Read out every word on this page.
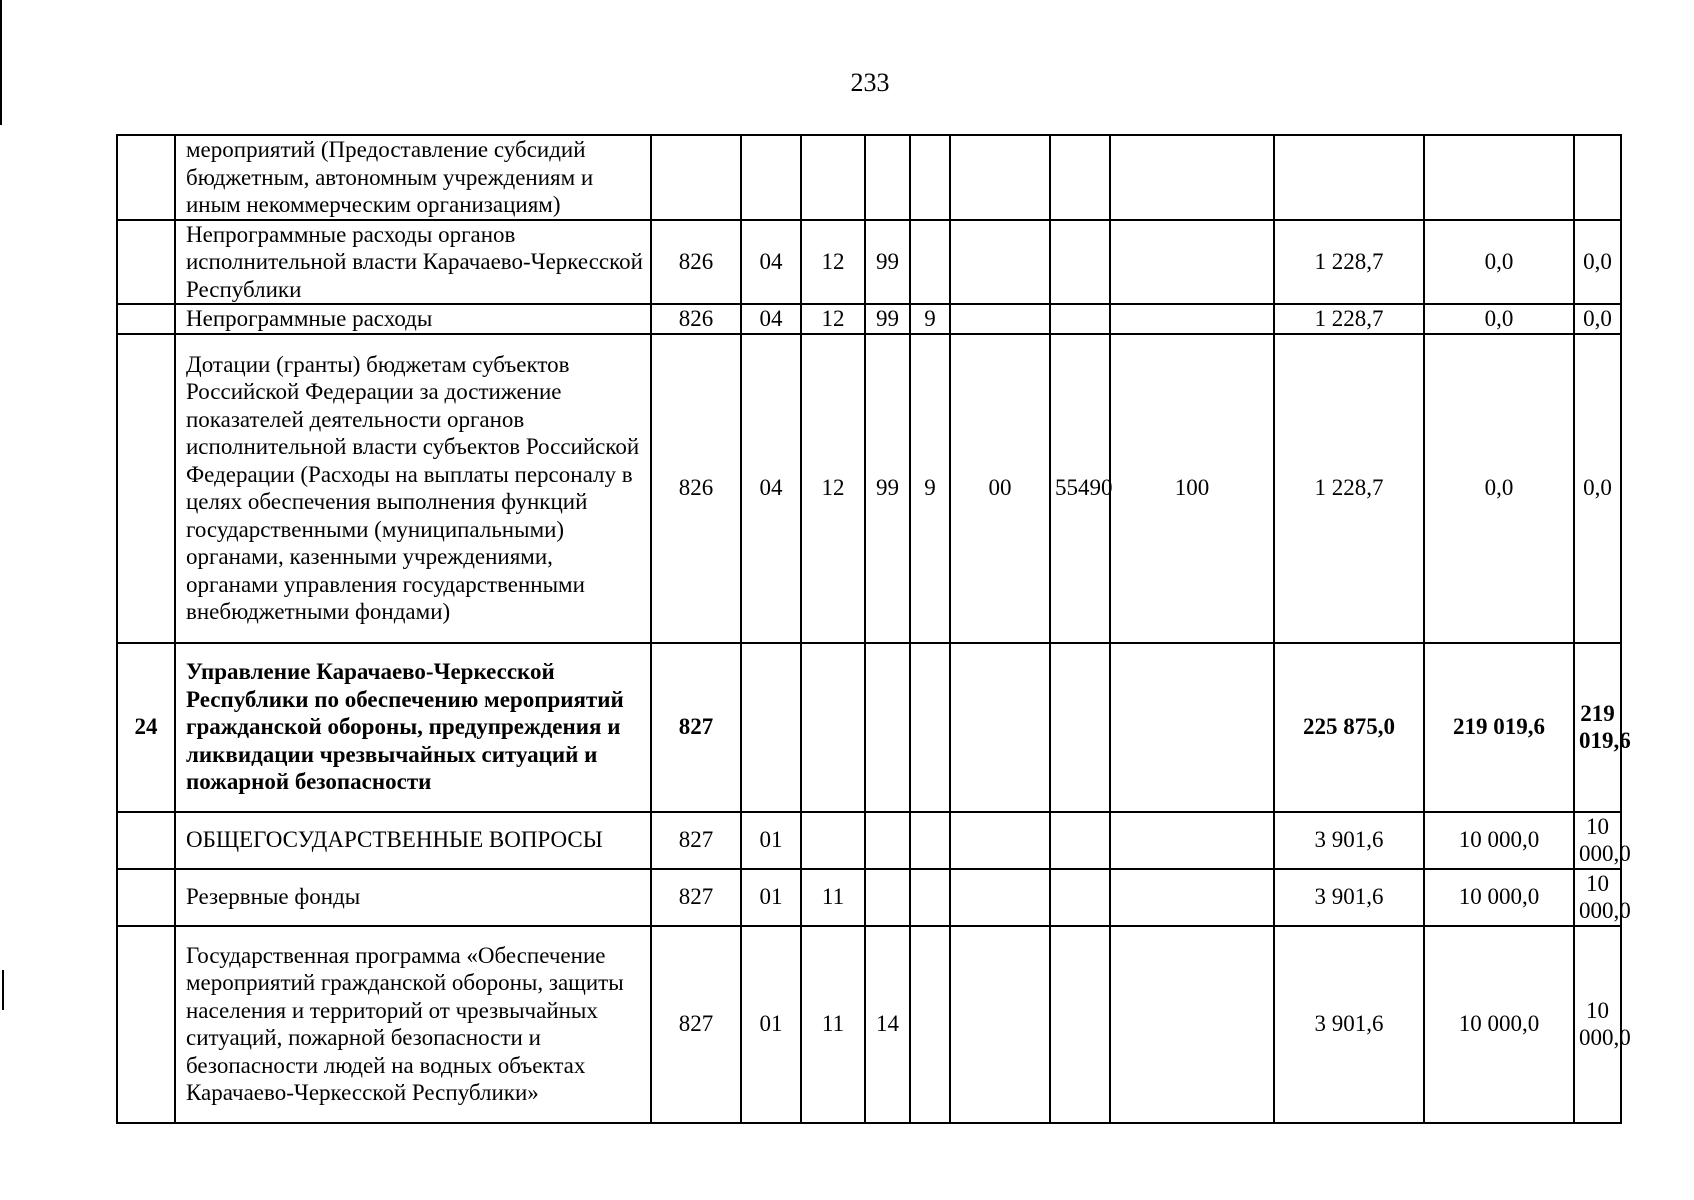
233
	мероприятий (Предоставление субсидий бюджетным, автономным учреждениям и иным некоммерческим организациям)											
	Непрограммные расходы органов исполнительной власти Карачаево-Черкесской Республики	826	04	12	99					1 228,7	0,0	0,0
	Непрограммные расходы	826	04	12	99	9				1 228,7	0,0	0,0
	Дотации (гранты) бюджетам субъектов Российской Федерации за достижение показателей деятельности органов исполнительной власти субъектов Российской Федерации (Расходы на выплаты персоналу в целях обеспечения выполнения функций государственными (муниципальными) органами, казенными учреждениями, органами управления государственными внебюджетными фондами)	826	04	12	99	9	00	55490	100	1 228,7	0,0	0,0
24	Управление Карачаево-Черкесской Республики по обеспечению мероприятий гражданской обороны, предупреждения и ликвидации чрезвычайных ситуаций и пожарной безопасности	827								225 875,0	219 019,6	219 019,6
	ОБЩЕГОСУДАРСТВЕННЫЕ ВОПРОСЫ	827	01							3 901,6	10 000,0	10 000,0
	Резервные фонды	827	01	11						3 901,6	10 000,0	10 000,0
	Государственная программа «Обеспечение мероприятий гражданской обороны, защиты населения и территорий от чрезвычайных ситуаций, пожарной безопасности и безопасности людей на водных объектах Карачаево-Черкесской Республики»	827	01	11	14					3 901,6	10 000,0	10 000,0
